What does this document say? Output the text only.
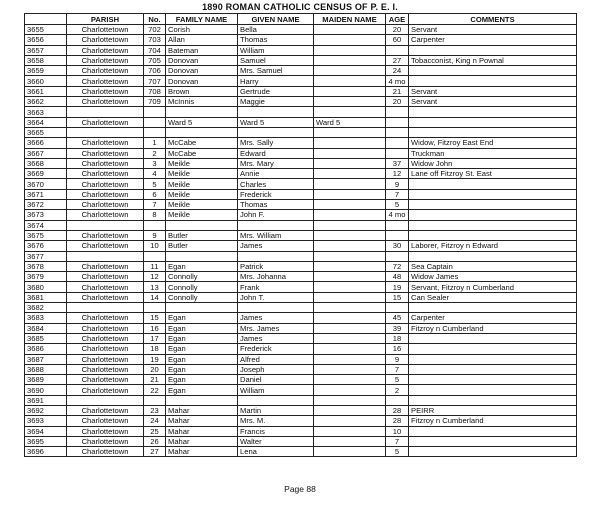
1890 ROMAN CATHOLIC CENSUS OF P. E. I.
	PARISH	No.	FAMILY NAME	GIVEN NAME	MAIDEN NAME	AGE	COMMENTS
3655	Charlottetown	702	Corish	Bella		20	Servant
3656	Charlottetown	703	Allan	Thomas		60	Carpenter
3657	Charlottetown	704	Bateman	William			
3658	Charlottetown	705	Donovan	Samuel		27	Tobacconist, King n Pownal
3659	Charlottetown	706	Donovan	Mrs. Samuel		24	
3660	Charlottetown	707	Donovan	Harry		4 mo	
3661	Charlottetown	708	Brown	Gertrude		21	Servant
3662	Charlottetown	709	McInnis	Maggie		20	Servant
3663							
3664	Charlottetown		Ward 5	Ward 5	Ward 5		
3665							
3666	Charlottetown	1	McCabe	Mrs. Sally			Widow, Fitzroy East End
3667	Charlottetown	2	McCabe	Edward			Truckman
3668	Charlottetown	3	Meikle	Mrs. Mary		37	Widow John
3669	Charlottetown	4	Meikle	Annie		12	Lane off Fitzroy St. East
3670	Charlottetown	5	Meikle	Charles		9	
3671	Charlottetown	6	Meikle	Frederick		7	
3672	Charlottetown	7	Meikle	Thomas		5	
3673	Charlottetown	8	Meikle	John F.		4 mo	
3674							
3675	Charlottetown	9	Butler	Mrs. William			
3676	Charlottetown	10	Butler	James		30	Laborer, Fitzroy n Edward
3677							
3678	Charlottetown	11	Egan	Patrick		72	Sea Captain
3679	Charlottetown	12	Connolly	Mrs. Johanna		48	Widow James
3680	Charlottetown	13	Connolly	Frank		19	Servant, Fitzroy n Cumberland
3681	Charlottetown	14	Connolly	John T.		15	Can Sealer
3682							
3683	Charlottetown	15	Egan	James		45	Carpenter
3684	Charlottetown	16	Egan	Mrs. James		39	Fitzroy n Cumberland
3685	Charlottetown	17	Egan	James		18	
3686	Charlottetown	18	Egan	Frederick		16	
3687	Charlottetown	19	Egan	Alfred		9	
3688	Charlottetown	20	Egan	Joseph		7	
3689	Charlottetown	21	Egan	Daniel		5	
3690	Charlottetown	22	Egan	William		2	
3691							
3692	Charlottetown	23	Mahar	Martin		28	PEIRR
3693	Charlottetown	24	Mahar	Mrs. M.		28	Fitzroy n Cumberland
3694	Charlottetown	25	Mahar	Francis		10	
3695	Charlottetown	26	Mahar	Walter		7	
3696	Charlottetown	27	Mahar	Lena		5	
Page 88
